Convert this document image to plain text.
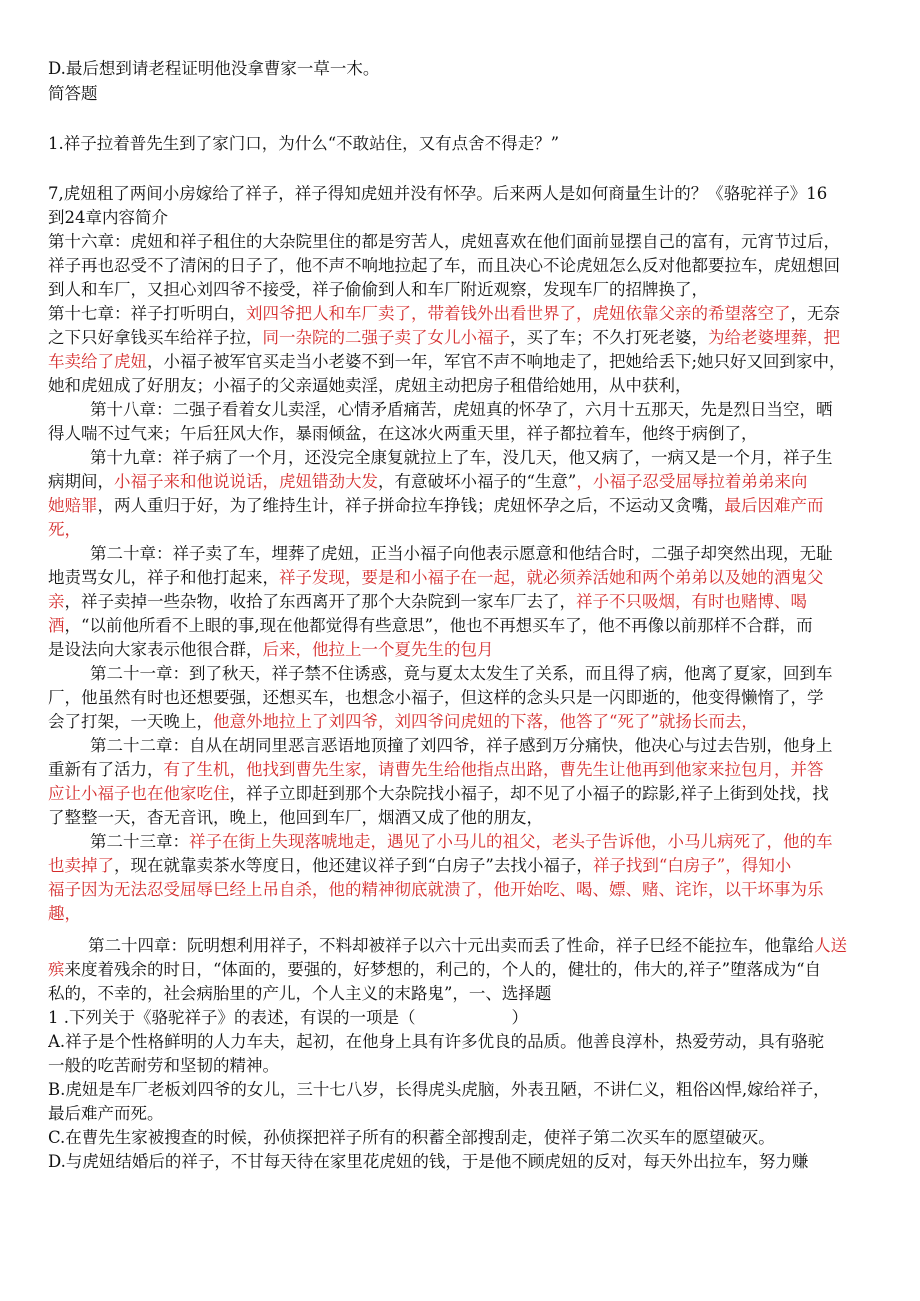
D.最后想到请老程证明他没拿曹家一草一木。
简答题
1.祥子拉着普先生到了家门口，为什么“不敢站住，又有点舍不得走？”
7,虎妞租了两间小房嫁给了祥子，祥子得知虎妞并没有怀孕。后来两人是如何商量生计的？《骆驼祥子》16
到24章内容简介
第十六章：虎妞和祥子租住的大杂院里住的都是穷苦人，虎妞喜欢在他们面前显摆自己的富有，元宵节过后，
祥子再也忍受不了清闲的日子了，他不声不响地拉起了车，而且决心不论虎妞怎么反对他都要拉车，虎妞想回
到人和车厂，又担心刘四爷不接受，祥子偷偷到人和车厂附近观察，发现车厂的招牌换了，
第十七章：祥子打听明白，刘四爷把人和车厂卖了，带着钱外出看世界了，虎妞依靠父亲的希望落空了，无奈
之下只好拿钱买车给祥子拉，同一杂院的二强子卖了女儿小福子，买了车；不久打死老婆，为给老婆埋葬，把
车卖给了虎妞，小福子被军官买走当小老婆不到一年，军官不声不响地走了，把她给丢下;她只好又回到家中，
她和虎妞成了好朋友；小福子的父亲逼她卖淫，虎妞主动把房子租借给她用，从中获利，
第十八章：二强子看着女儿卖淫，心情矛盾痛苦，虎妞真的怀孕了，六月十五那天，先是烈日当空，晒
得人喘不过气来；午后狂风大作，暴雨倾盆，在这冰火两重天里，祥子都拉着车，他终于病倒了，
第十九章：祥子病了一个月，还没完全康复就拉上了车，没几天，他又病了，一病又是一个月，祥子生
病期间，小福子来和他说说话，虎妞错劲大发，有意破坏小福子的“生意”，小福子忍受屈辱拉着弟弟来向
她赔罪，两人重归于好，为了维持生计，祥子拼命拉车挣钱；虎妞怀孕之后，不运动又贪嘴，最后因难产而
死，
第二十章：祥子卖了车，埋葬了虎妞，正当小福子向他表示愿意和他结合时，二强子却突然出现，无耻
地责骂女儿，祥子和他打起来，祥子发现，要是和小福子在一起，就必须养活她和两个弟弟以及她的酒鬼父
亲，祥子卖掉一些杂物，收拾了东西离开了那个大杂院到一家车厂去了，祥子不只吸烟，有时也赌博、喝
酒，“以前他所看不上眼的事,现在他都觉得有些意思”，他也不再想买车了，他不再像以前那样不合群，而
是设法向大家表示他很合群，后来，他拉上一个夏先生的包月
第二十一章：到了秋天，祥子禁不住诱惑，竟与夏太太发生了关系，而且得了病，他离了夏家，回到车
厂，他虽然有时也还想要强，还想买车，也想念小福子，但这样的念头只是一闪即逝的，他变得懒惰了，学
会了打架，一天晚上，他意外地拉上了刘四爷，刘四爷问虎妞的下落，他答了“死了”就扬长而去，
第二十二章：自从在胡同里恶言恶语地顶撞了刘四爷，祥子感到万分痛快，他决心与过去告别，他身上
重新有了活力，有了生机，他找到曹先生家，请曹先生给他指点出路，曹先生让他再到他家来拉包月，并答
应让小福子也在他家吃住，祥子立即赶到那个大杂院找小福子，却不见了小福子的踪影,祥子上街到处找，找
了整整一天，杳无音讯，晚上，他回到车厂，烟酒又成了他的朋友，
第二十三章：祥子在街上失现落唬地走，遇见了小马儿的祖父，老头子告诉他，小马儿病死了，他的车
也卖掉了，现在就靠卖茶水等度日，他还建议祥子到“白房子”去找小福子，祥子找到“白房子”，得知小
福子因为无法忍受屈辱巳经上吊自杀，他的精神彻底就溃了，他开始吃、喝、嫖、赌、诧诈，以干坏事为乐
趣，
第二十四章：阮明想利用祥子，不料却被祥子以六十元出卖而丢了性命，祥子巳经不能拉车，他靠给人送
殡来度着残余的时日，“体面的，要强的，好梦想的，利己的，个人的，健壮的，伟大的,祥子”堕落成为“自
私的，不幸的，社会病胎里的产儿，个人主义的末路鬼”，一、选择题
1 .下列关于《骆驼祥子》的表述，有误的一项是（	）
A.祥子是个性格鲜明的人力车夫，起初，在他身上具有许多优良的品质。他善良淳朴，热爱劳动，具有骆驼
一般的吃苦耐劳和坚韧的精神。
B.虎妞是车厂老板刘四爷的女儿，三十七八岁，长得虎头虎脑，外表丑陋，不讲仁义，粗俗凶悍,嫁给祥子，
最后难产而死。
C.在曹先生家被搜查的时候，孙侦探把祥子所有的积蓄全部搜刮走，使祥子第二次买车的愿望破灭。
D.与虎妞结婚后的祥子，不甘每天待在家里花虎妞的钱，于是他不顾虎妞的反对，每天外出拉车，努力赚
